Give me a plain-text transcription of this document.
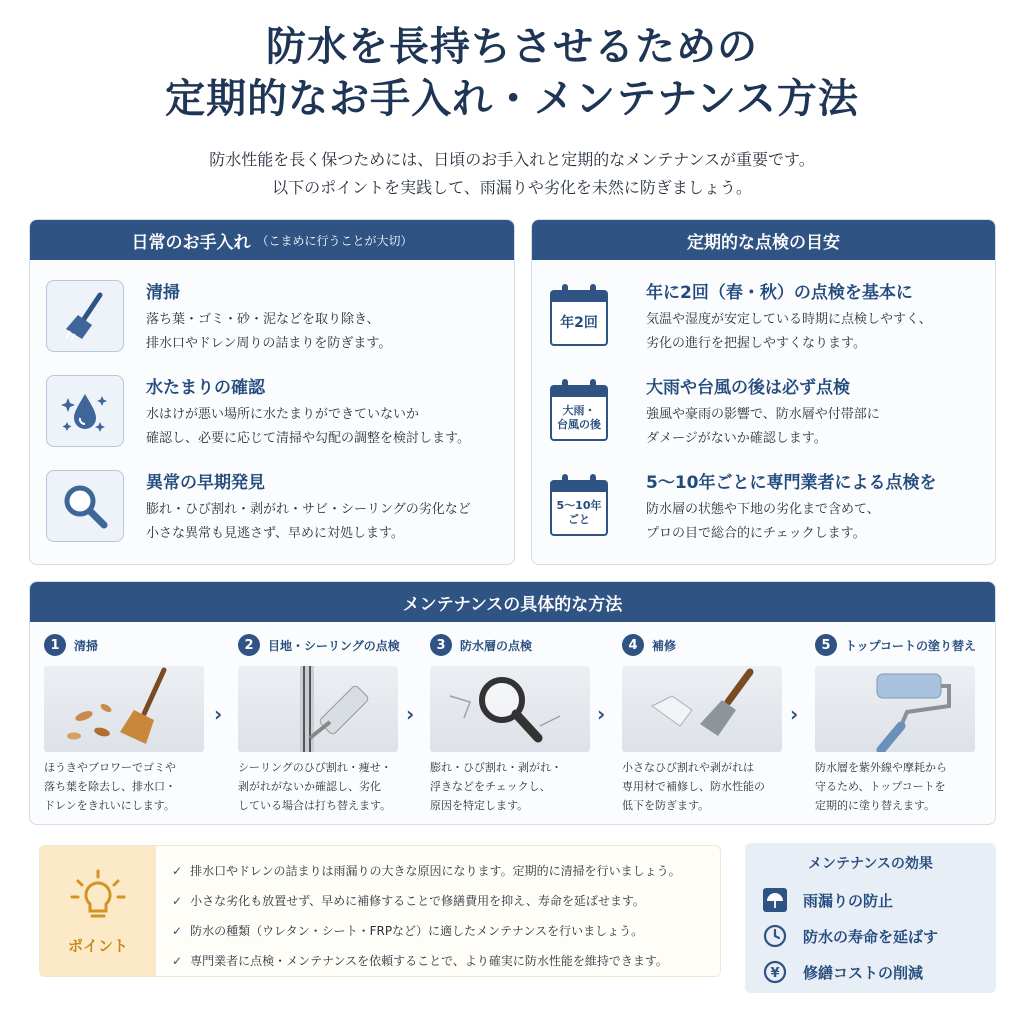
防水を長持ちさせるための
定期的なお手入れ・メンテナンス方法
防水性能を長く保つためには、日頃のお手入れと定期的なメンテナンスが重要です。
以下のポイントを実践して、雨漏りや劣化を未然に防ぎましょう。
日常のお手入れ （こまめに行うことが大切）
清掃
落ち葉・ゴミ・砂・泥などを取り除き、
排水口やドレン周りの詰まりを防ぎます。
水たまりの確認
水はけが悪い場所に水たまりができていないか
確認し、必要に応じて清掃や勾配の調整を検討します。
異常の早期発見
膨れ・ひび割れ・剥がれ・サビ・シーリングの劣化など
小さな異常も見逃さず、早めに対処します。
定期的な点検の目安
年2回
年に2回（春・秋）の点検を基本に
気温や湿度が安定している時期に点検しやすく、
劣化の進行を把握しやすくなります。
大雨・
台風の後
大雨や台風の後は必ず点検
強風や豪雨の影響で、防水層や付帯部に
ダメージがないか確認します。
5〜10年
ごと
5〜10年ごとに専門業者による点検を
防水層の状態や下地の劣化まで含めて、
プロの目で総合的にチェックします。
メンテナンスの具体的な方法
1	清掃
ほうきやブロワーでゴミや
落ち葉を除去し、排水口・
ドレンをきれいにします。
›
2	目地・シーリングの点検
シーリングのひび割れ・痩せ・
剥がれがないか確認し、劣化
している場合は打ち替えます。
›
3	防水層の点検
膨れ・ひび割れ・剥がれ・
浮きなどをチェックし、
原因を特定します。
›
4	補修
小さなひび割れや剥がれは
専用材で補修し、防水性能の
低下を防ぎます。
›
5	トップコートの塗り替え
防水層を紫外線や摩耗から
守るため、トップコートを
定期的に塗り替えます。
ポイント
✓ 排水口やドレンの詰まりは雨漏りの大きな原因になります。定期的に清掃を行いましょう。
✓ 小さな劣化も放置せず、早めに補修することで修繕費用を抑え、寿命を延ばせます。
✓ 防水の種類（ウレタン・シート・FRPなど）に適したメンテナンスを行いましょう。
✓ 専門業者に点検・メンテナンスを依頼することで、より確実に防水性能を維持できます。
メンテナンスの効果
雨漏りの防止
防水の寿命を延ばす
¥ 修繕コストの削減
